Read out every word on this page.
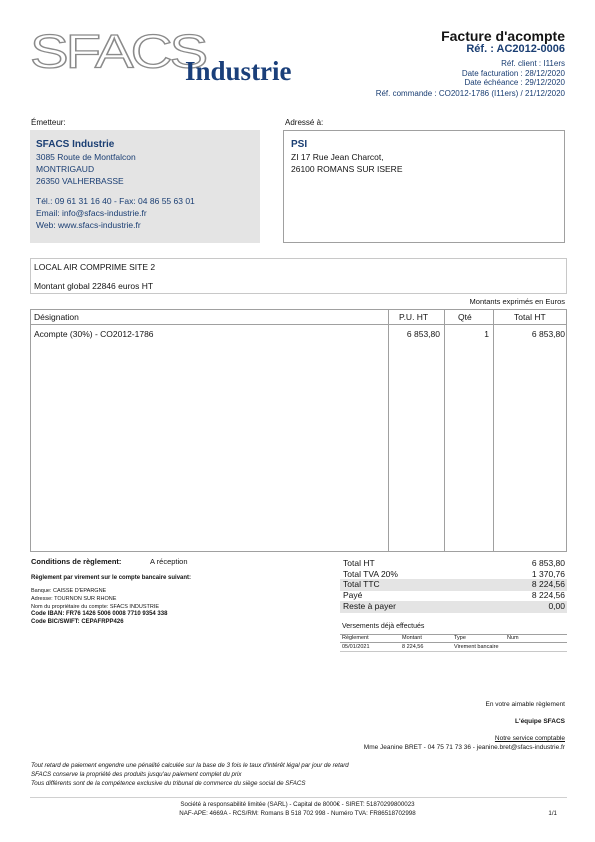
SFACS
Industrie
Facture d'acompte
Réf. : AC2012-0006
Réf. client : I11ers
Date facturation : 28/12/2020
Date échéance : 29/12/2020
Réf. commande : CO2012-1786 (I11ers) / 21/12/2020
Émetteur:
SFACS Industrie
3085 Route de Montfalcon
MONTRIGAUD
26350 VALHERBASSE
Tél.: 09 61 31 16 40 - Fax: 04 86 55 63 01
Email: info@sfacs-industrie.fr
Web: www.sfacs-industrie.fr
Adressé à:
PSI
ZI 17 Rue Jean Charcot,
26100 ROMANS SUR ISERE
LOCAL AIR COMPRIME SITE 2
Montant global 22846 euros HT
Montants exprimés en Euros
Désignation	P.U. HT	Qté	Total HT
Acompte (30%) - CO2012-1786	6 853,80	1	6 853,80
Conditions de règlement:	A réception
Règlement par virement sur le compte bancaire suivant:
Banque: CAISSE D'EPARGNE
Adresse: TOURNON SUR RHONE
Nom du propriétaire du compte: SFACS INDUSTRIE
Code IBAN: FR76 1426 5006 0008 7710 9354 338
Code BIC/SWIFT: CEPAFRPP426
Total HT	6 853,80
Total TVA 20%	1 370,76
Total TTC	8 224,56
Payé	8 224,56
Reste à payer	0,00
Versements déjà effectués
Règlement	Montant	Type	Num
05/01/2021	8 224,56	Virement bancaire
En votre aimable règlement
L'équipe SFACS
Notre service comptable
Mme Jeanine BRET - 04 75 71 73 36 - jeanine.bret@sfacs-industrie.fr
Tout retard de paiement engendre une pénalité calculée sur la base de 3 fois le taux d'intérêt légal par jour de retard
SFACS conserve la propriété des produits jusqu'au paiement complet du prix
Tous différents sont de la compétence exclusive du tribunal de commerce du siège social de SFACS
Société à responsabilité limitée (SARL) - Capital de 8000€ - SIRET: 51870299800023
NAF-APE: 4669A - RCS/RM: Romans B 518 702 998 - Numéro TVA: FR86518702998	1/1
